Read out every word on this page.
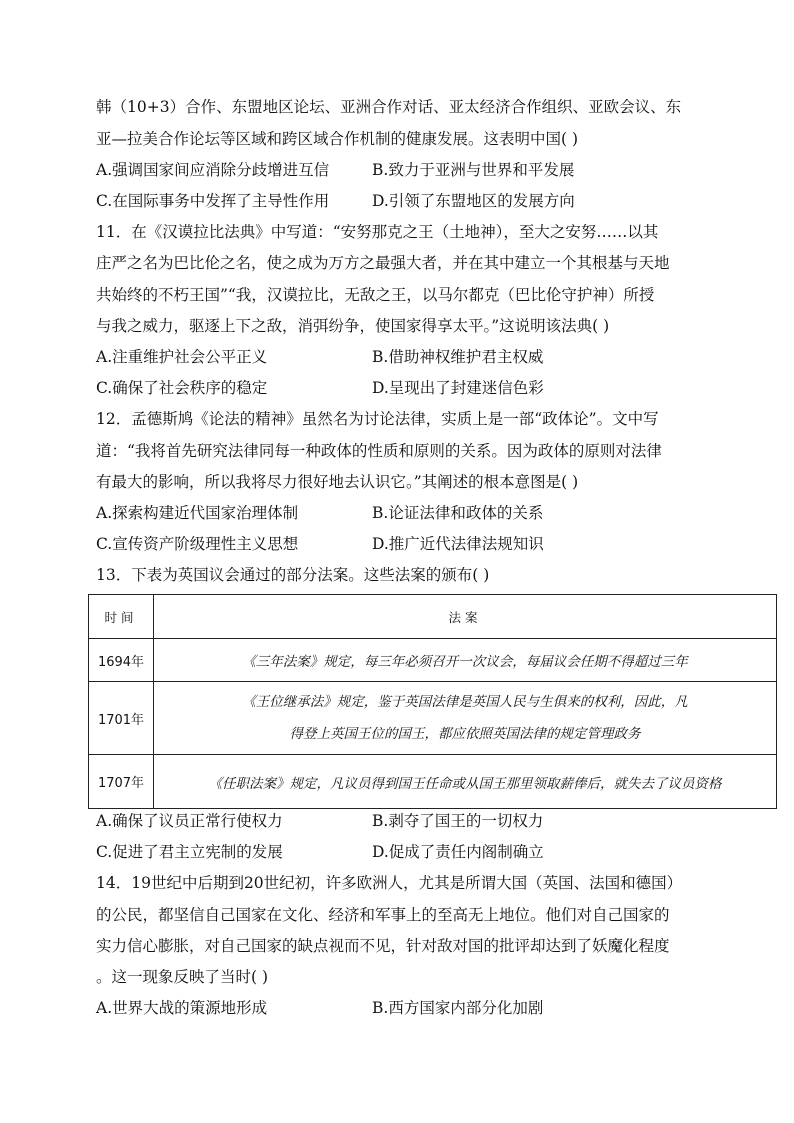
韩（10+3）合作、东盟地区论坛、亚洲合作对话、亚太经济合作组织、亚欧会议、东
亚—拉美合作论坛等区域和跨区域合作机制的健康发展。这表明中国( )
A.强调国家间应消除分歧增进互信	B.致力于亚洲与世界和平发展
C.在国际事务中发挥了主导性作用	D.引领了东盟地区的发展方向
11．在《汉谟拉比法典》中写道：“安努那克之王（土地神），至大之安努……以其
庄严之名为巴比伦之名，使之成为万方之最强大者，并在其中建立一个其根基与天地
共始终的不朽王国”“我，汉谟拉比，无敌之王，以马尔都克（巴比伦守护神）所授
与我之威力，驱逐上下之敌，消弭纷争，使国家得享太平。”这说明该法典( )
A.注重维护社会公平正义	B.借助神权维护君主权威
C.确保了社会秩序的稳定	D.呈现出了封建迷信色彩
12．孟德斯鸠《论法的精神》虽然名为讨论法律，实质上是一部“政体论”。文中写
道：“我将首先研究法律同每一种政体的性质和原则的关系。因为政体的原则对法律
有最大的影响，所以我将尽力很好地去认识它。”其阐述的根本意图是( )
A.探索构建近代国家治理体制	B.论证法律和政体的关系
C.宣传资产阶级理性主义思想	D.推广近代法律法规知识
13．下表为英国议会通过的部分法案。这些法案的颁布( )
时间	法案
1694年	《三年法案》规定，每三年必须召开一次议会，每届议会任期不得超过三年
1701年	《王位继承法》规定，鉴于英国法律是英国人民与生俱来的权利，因此，凡
得登上英国王位的国王，都应依照英国法律的规定管理政务

1707年	《任职法案》规定，凡议员得到国王任命或从国王那里领取薪俸后，就失去了议员资格
A.确保了议员正常行使权力	B.剥夺了国王的一切权力
C.促进了君主立宪制的发展	D.促成了责任内阁制确立
14．19世纪中后期到20世纪初，许多欧洲人，尤其是所谓大国（英国、法国和德国）
的公民，都坚信自己国家在文化、经济和军事上的至高无上地位。他们对自己国家的
实力信心膨胀，对自己国家的缺点视而不见，针对敌对国的批评却达到了妖魔化程度
。这一现象反映了当时( )
A.世界大战的策源地形成	B.西方国家内部分化加剧
